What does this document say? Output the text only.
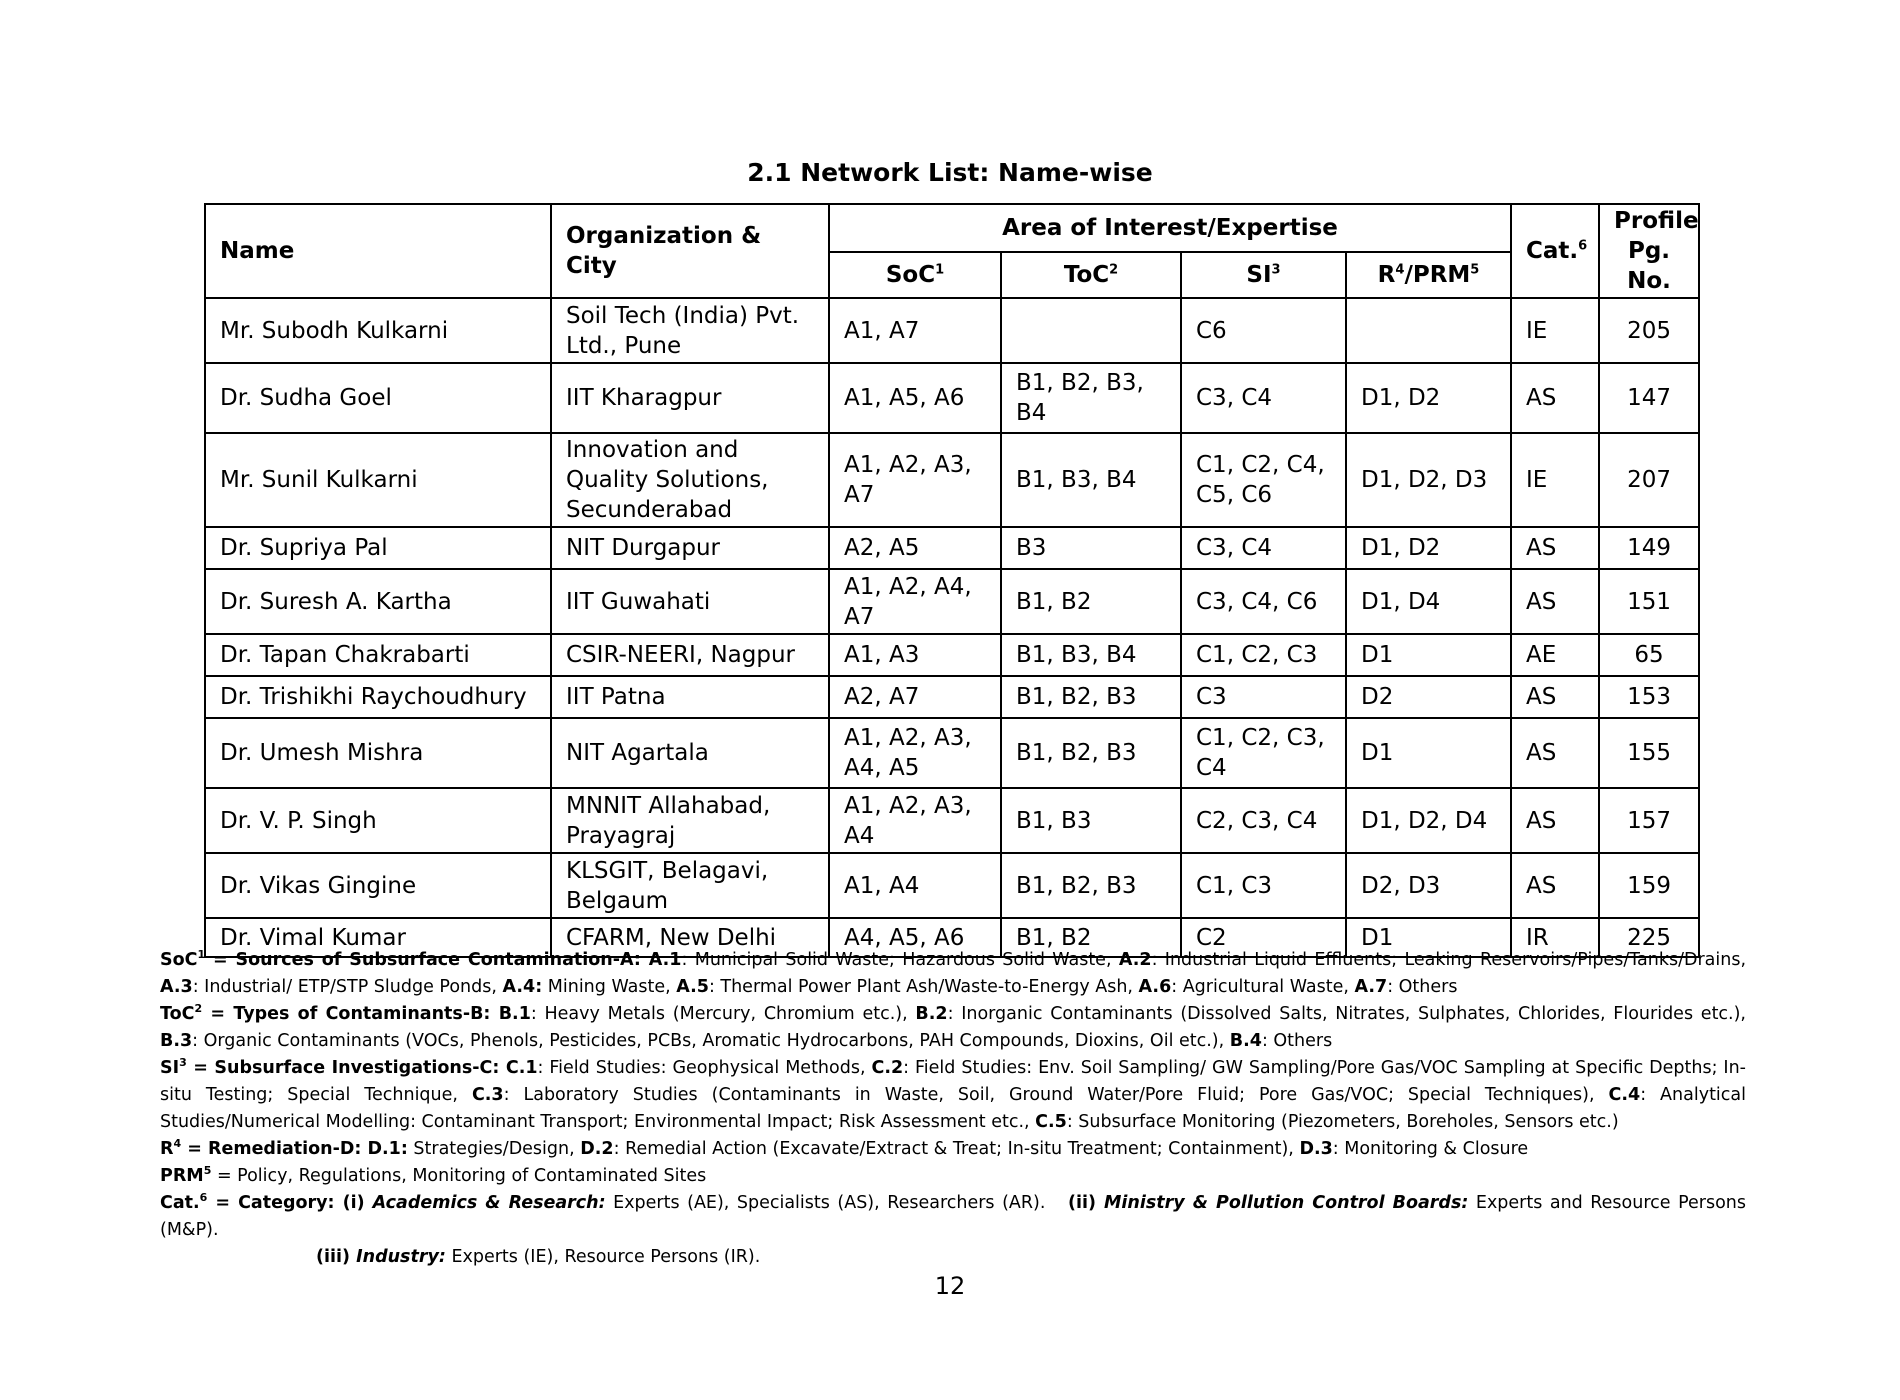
2.1 Network List: Name-wise
Name	Organization & City	Area of Interest/Expertise				Cat.$^6$	Profile Pg. No.
		SoC$^1$	ToC$^2$	$SI^3$	$R^4/PRM^5$
Mr. Subodh Kulkarni	Soil Tech (India) Pvt. Ltd., Pune	A1, A7		C6		IE	205
Dr. Sudha Goel	IIT Kharagpur	A1, A5, A6	B1, B2, B3, B4	C3, C4	D1, D2	AS	147
Mr. Sunil Kulkarni	Innovation and Quality Solutions, Secunderabad	A1, A2, A3, A7	B1, B3, B4	C1, C2, C4, C5, C6	D1, D2, D3	IE	207
Dr. Supriya Pal	NIT Durgapur	A2, A5	B3	C3, C4	D1, D2	AS	149
Dr. Suresh A. Kartha	IIT Guwahati	A1, A2, A4, A7	B1, B2	C3, C4, C6	D1, D4	AS	151
Dr. Tapan Chakrabarti	CSIR-NEERI, Nagpur	A1, A3	B1, B3, B4	C1, C2, C3	D1	AE	65
Dr. Trishikhi Raychoudhury	IIT Patna	A2, A7	B1, B2, B3	C3	D2	AS	153
Dr. Umesh Mishra	NIT Agartala	A1, A2, A3, A4, A5	B1, B2, B3	C1, C2, C3, C4	D1	AS	155
Dr. V. P. Singh	MNNIT Allahabad, Prayagraj	A1, A2, A3, A4	B1, B3	C2, C3, C4	D1, D2, D4	AS	157
Dr. Vikas Gingine	KLSGIT, Belagavi, Belgaum	A1, A4	B1, B2, B3	C1, C3	D2, D3	AS	159
Dr. Vimal Kumar	CFARM, New Delhi	A4, A5, A6	B1, B2	C2	D1	IR	225

SoC$^1$ = Sources of Subsurface Contamination-A: A.1: Municipal Solid Waste; Hazardous Solid Waste, A.2: Industrial Liquid Effluents; Leaking Reservoirs/Pipes/Tanks/Drains, A.3: Industrial/ ETP/STP Sludge Ponds, A.4: Mining Waste, A.5: Thermal Power Plant Ash/Waste-to-Energy Ash, A.6: Agricultural Waste, A.7: Others

ToC$^2$ = Types of Contaminants-B: B.1: Heavy Metals (Mercury, Chromium etc.), B.2: Inorganic Contaminants (Dissolved Salts, Nitrates, Sulphates, Chlorides, Flourides etc.), B.3: Organic Contaminants (VOCs, Phenols, Pesticides, PCBs, Aromatic Hydrocarbons, PAH Compounds, Dioxins, Oil etc.), B.4: Others

$SI^3$ = Subsurface Investigations-C: C.1: Field Studies: Geophysical Methods, C.2: Field Studies: Env. Soil Sampling/ GW Sampling/Pore Gas/VOC Sampling at Specific Depths; In-situ Testing; Special Technique, C.3: Laboratory Studies (Contaminants in Waste, Soil, Ground Water/Pore Fluid; Pore Gas/VOC; Special Techniques), C.4: Analytical Studies/Numerical Modelling: Contaminant Transport; Environmental Impact; Risk Assessment etc., C.5: Subsurface Monitoring (Piezometers, Boreholes, Sensors etc.)

$R^4$ = Remediation-D: D.1: Strategies/Design, D.2: Remedial Action (Excavate/Extract & Treat; In-situ Treatment; Containment), D.3: Monitoring & Closure

$PRM^5$ = Policy, Regulations, Monitoring of Contaminated Sites

Cat.$^6$ = Category: (i) Academics & Research: Experts (AE), Specialists (AS), Researchers (AR). (ii) Ministry & Pollution Control Boards: Experts and Resource Persons (M&P).

(iii) Industry: Experts (IE), Resource Persons (IR).

12
